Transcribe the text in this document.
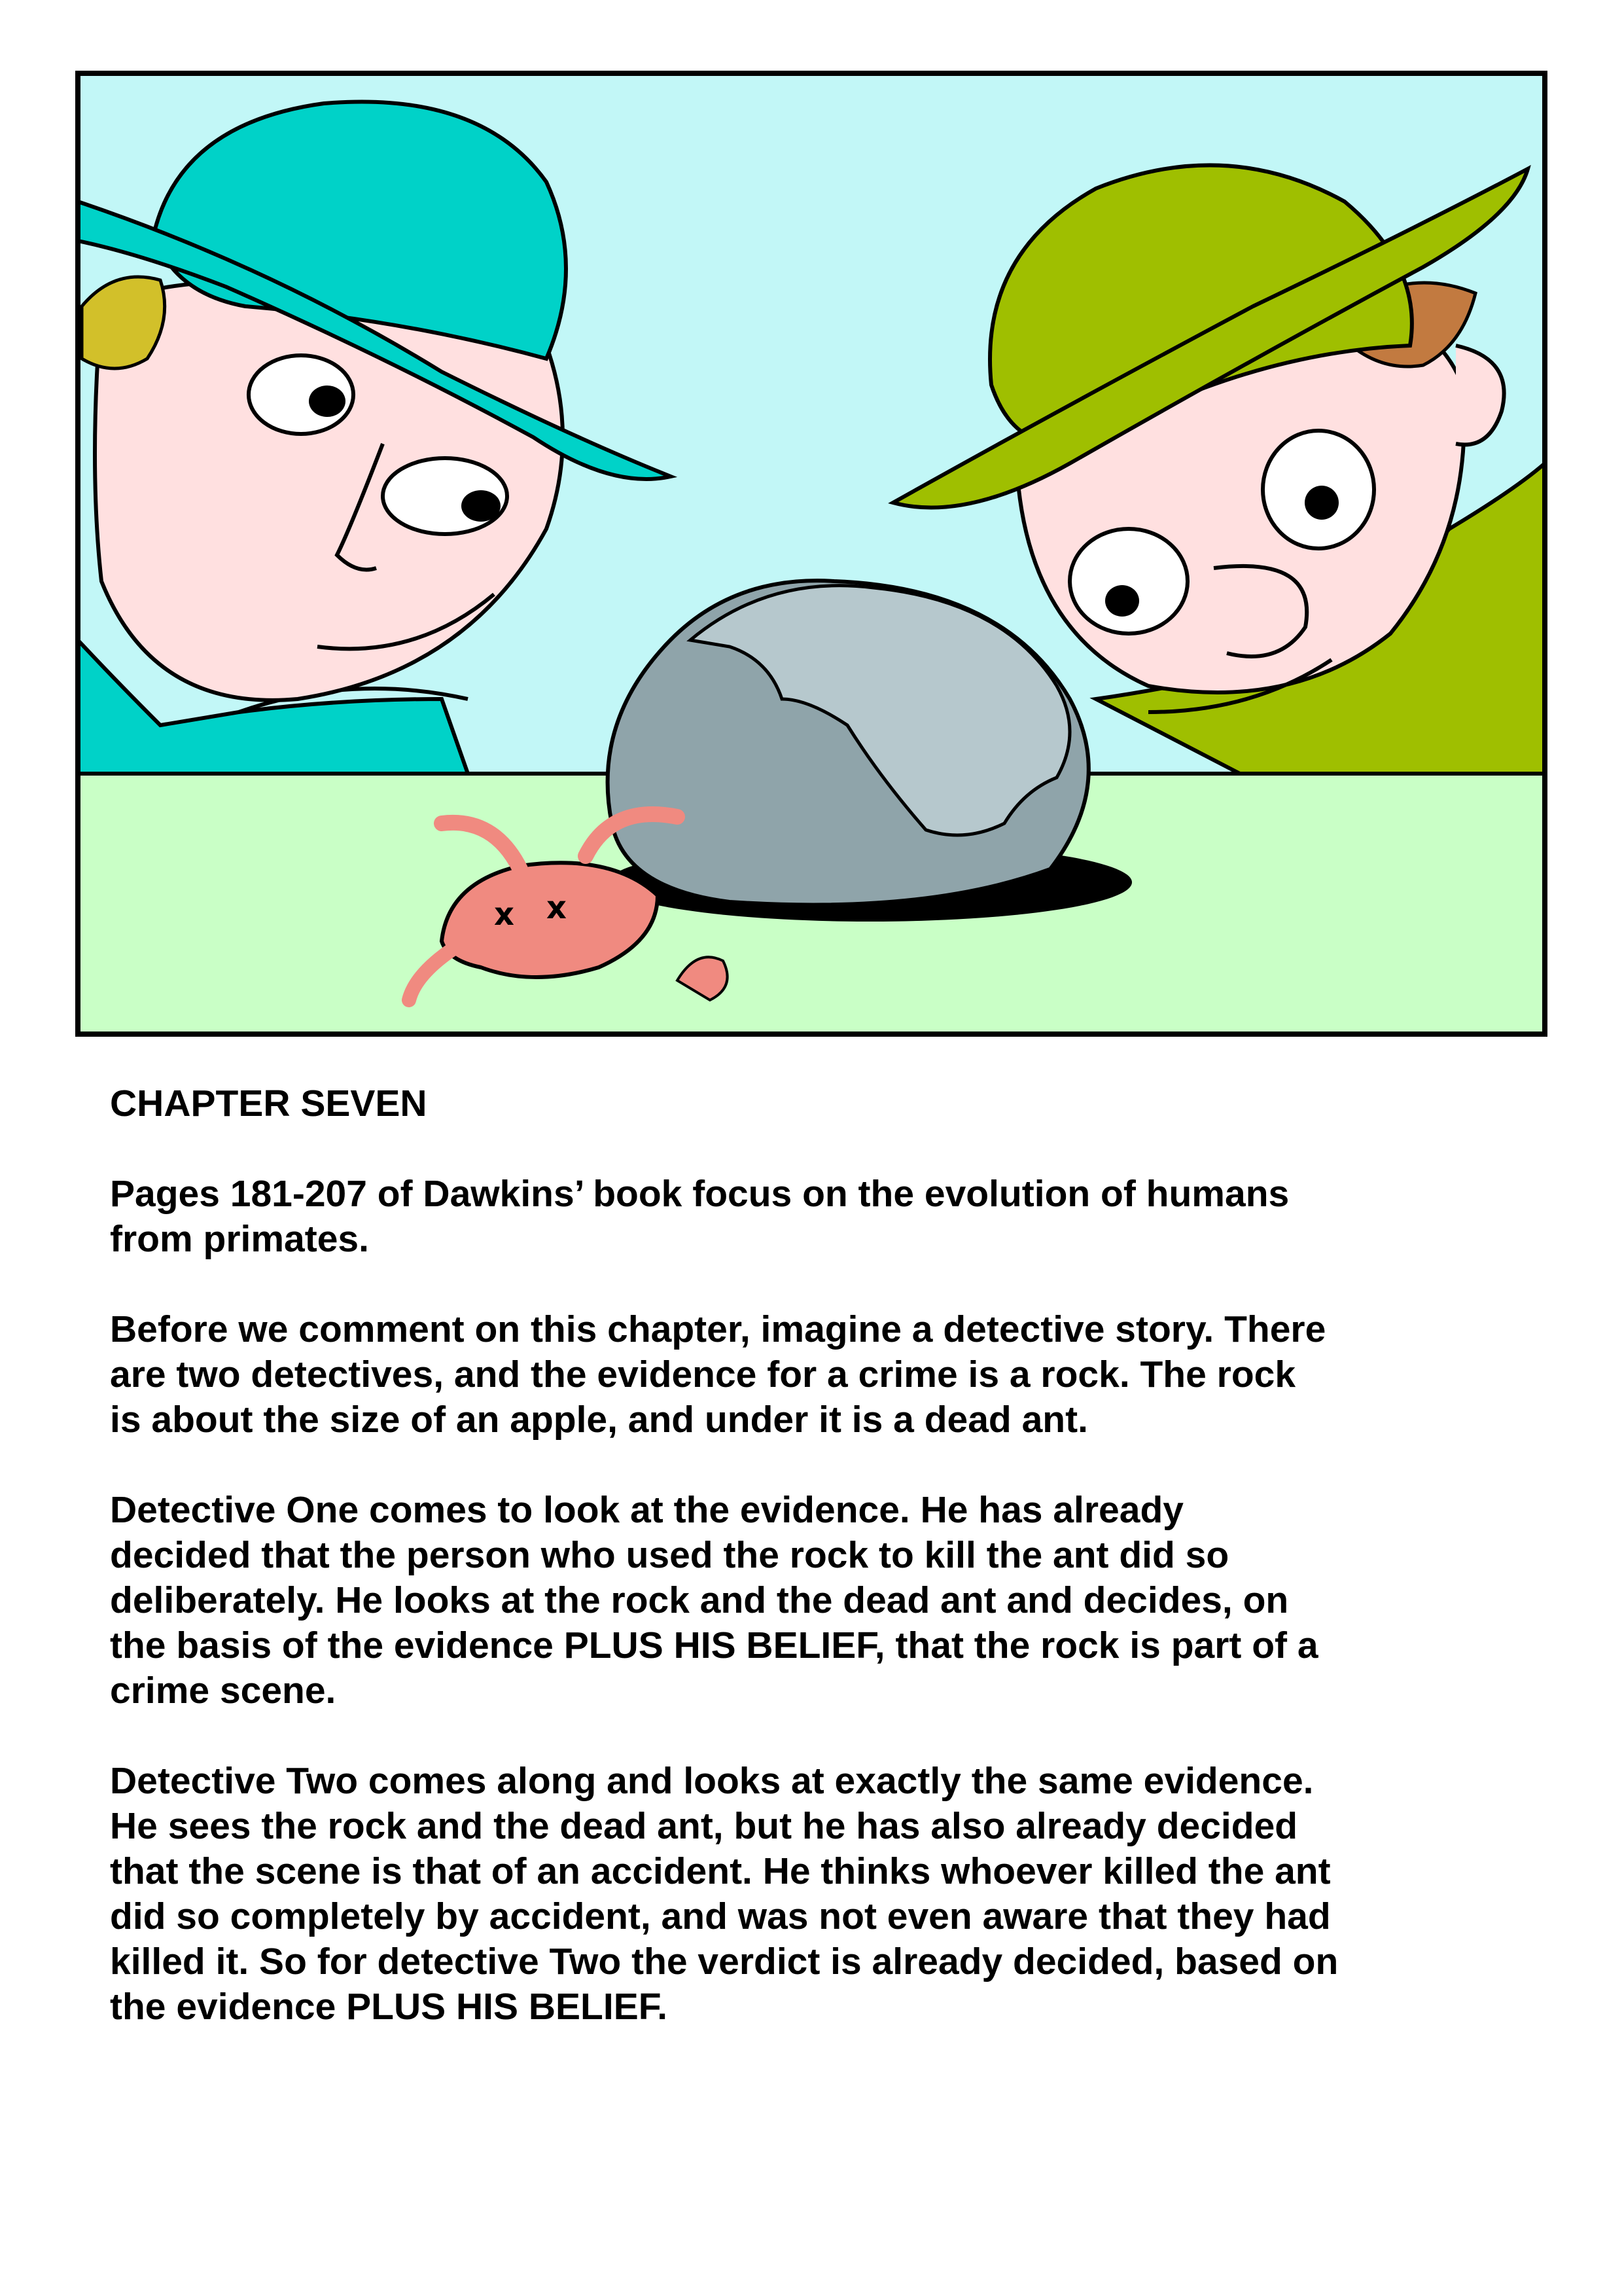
x x

CHAPTER SEVEN

Pages 181-207 of Dawkins’ book focus on the evolution of humans
from primates.

Before we comment on this chapter, imagine a detective story. There
are two detectives, and the evidence for a crime is a rock. The rock
is about the size of an apple, and under it is a dead ant.

Detective One comes to look at the evidence. He has already
decided that the person who used the rock to kill the ant did so
deliberately. He looks at the rock and the dead ant and decides, on
the basis of the evidence PLUS HIS BELIEF, that the rock is part of a
crime scene.

Detective Two comes along and looks at exactly the same evidence.
He sees the rock and the dead ant, but he has also already decided
that the scene is that of an accident. He thinks whoever killed the ant
did so completely by accident, and was not even aware that they had
killed it. So for detective Two the verdict is already decided, based on
the evidence PLUS HIS BELIEF.
